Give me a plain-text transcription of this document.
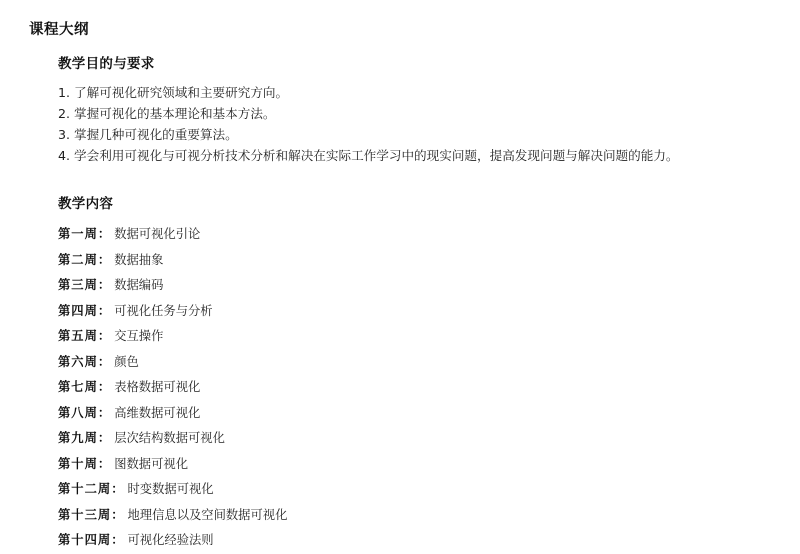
课程大纲
教学目的与要求
1. 了解可视化研究领域和主要研究方向。
2. 掌握可视化的基本理论和基本方法。
3. 掌握几种可视化的重要算法。
4. 学会利用可视化与可视分析技术分析和解决在实际工作学习中的现实问题，提高发现问题与解决问题的能力。
教学内容
第一周： 数据可视化引论
第二周： 数据抽象
第三周： 数据编码
第四周： 可视化任务与分析
第五周： 交互操作
第六周： 颜色
第七周： 表格数据可视化
第八周： 高维数据可视化
第九周： 层次结构数据可视化
第十周： 图数据可视化
第十二周： 时变数据可视化
第十三周： 地理信息以及空间数据可视化
第十四周： 可视化经验法则
